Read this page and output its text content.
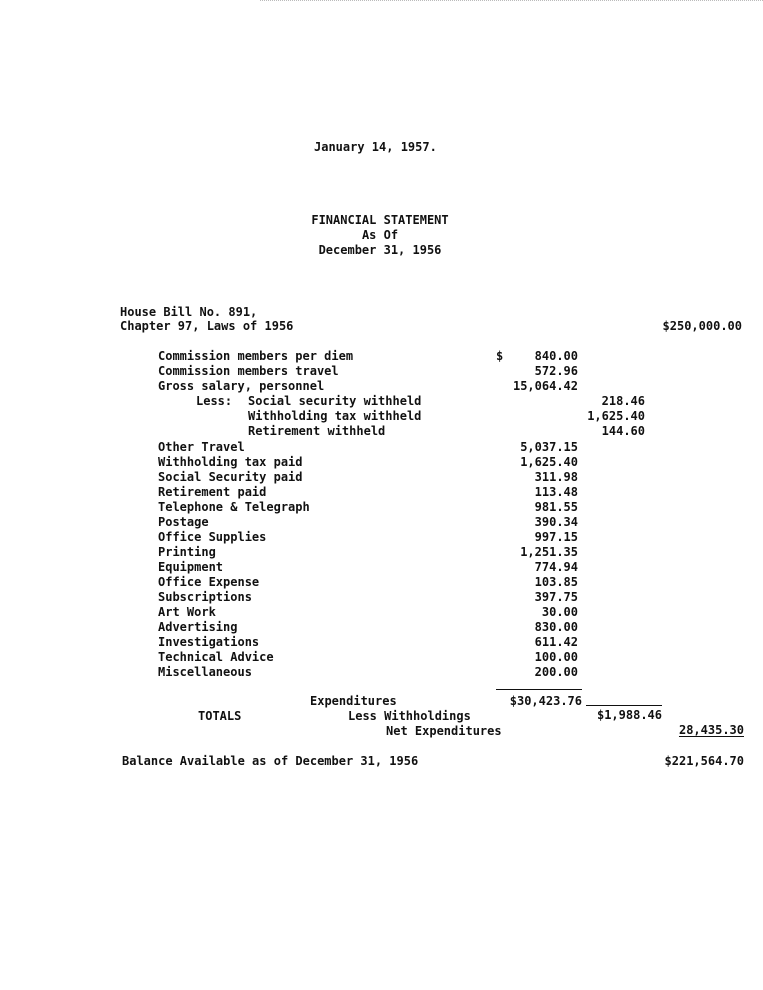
January 14, 1957.
FINANCIAL STATEMENT
As Of
December 31, 1956
House Bill No. 891,
Chapter 97, Laws of 1956	$250,000.00
$
Commission members per diem	840.00
Commission members travel	572.96
Gross salary, personnel	15,064.42
Less: Social security withheld	218.46
Withholding tax withheld	1,625.40
Retirement withheld	144.60
Other Travel	5,037.15
Withholding tax paid	1,625.40
Social Security paid	311.98
Retirement paid	113.48
Telephone & Telegraph	981.55
Postage	390.34
Office Supplies	997.15
Printing	1,251.35
Equipment	774.94
Office Expense	103.85
Subscriptions	397.75
Art Work	30.00
Advertising	830.00
Investigations	611.42
Technical Advice	100.00
Miscellaneous	200.00
Expenditures	$30,423.76
TOTALS	Less Withholdings	$1,988.46
Net Expenditures	28,435.30
Balance Available as of December 31, 1956	$221,564.70
